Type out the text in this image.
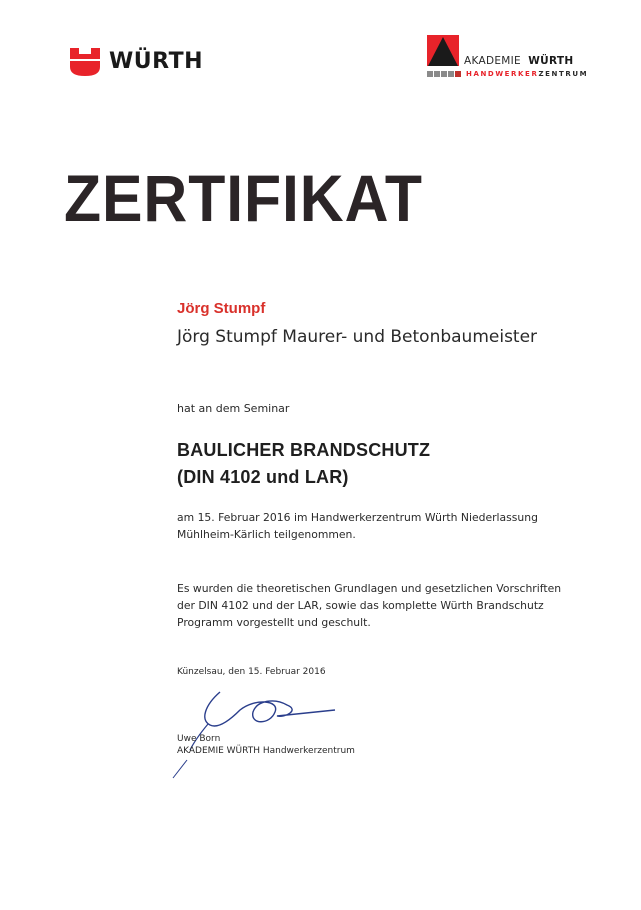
WÜRTH	AKADEMIE WÜRTH
HANDWERKER ZENTRUM
ZERTIFIKAT
Jörg Stumpf
Jörg Stumpf Maurer- und Betonbaumeister
hat an dem Seminar
BAULICHER BRANDSCHUTZ
(DIN 4102 und LAR)
am 15. Februar 2016 im Handwerkerzentrum Würth Niederlassung Mühlheim-Kärlich teilgenommen.
Es wurden die theoretischen Grundlagen und gesetzlichen Vorschriften der DIN 4102 und der LAR, sowie das komplette Würth Brandschutz Programm vorgestellt und geschult.
Künzelsau, den 15. Februar 2016
Uwe Born
AKADEMIE WÜRTH Handwerkerzentrum
